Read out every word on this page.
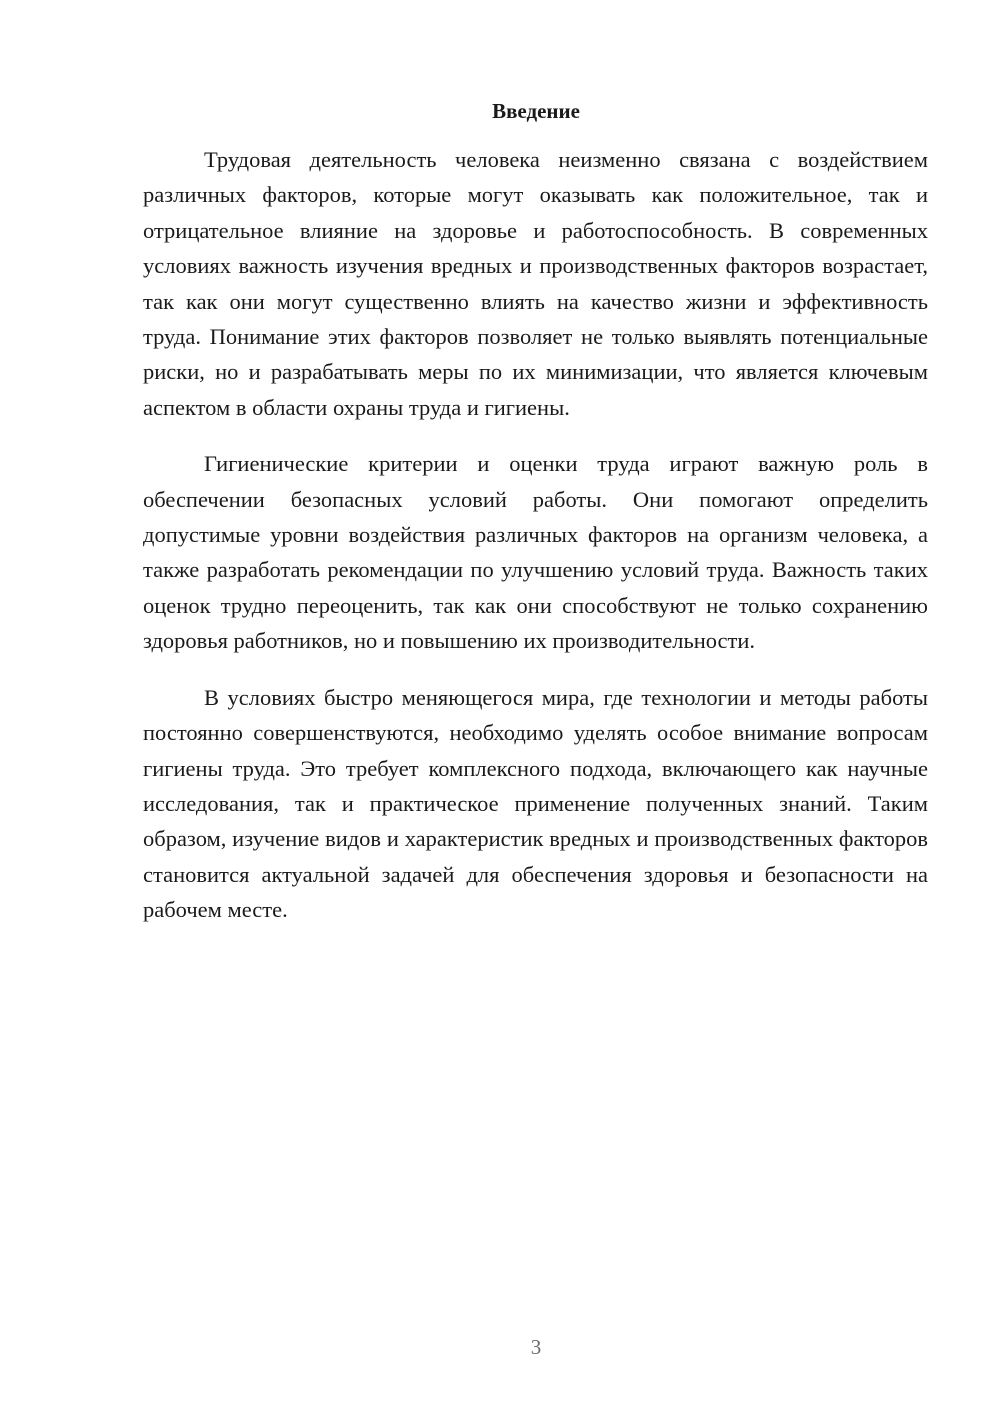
Введение

Трудовая деятельность человека неизменно связана с воздействием различных факторов, которые могут оказывать как положительное, так и отрицательное влияние на здоровье и работоспособность. В современных условиях важность изучения вредных и производственных факторов возрастает, так как они могут существенно влиять на качество жизни и эффективность труда. Понимание этих факторов позволяет не только выявлять потенциальные риски, но и разрабатывать меры по их минимизации, что является ключевым аспектом в области охраны труда и гигиены.

Гигиенические критерии и оценки труда играют важную роль в обеспечении безопасных условий работы. Они помогают определить допустимые уровни воздействия различных факторов на организм человека, а также разработать рекомендации по улучшению условий труда. Важность таких оценок трудно переоценить, так как они способствуют не только сохранению здоровья работников, но и повышению их производительности.

В условиях быстро меняющегося мира, где технологии и методы работы постоянно совершенствуются, необходимо уделять особое внимание вопросам гигиены труда. Это требует комплексного подхода, включающего как научные исследования, так и практическое применение полученных знаний. Таким образом, изучение видов и характеристик вредных и производственных факторов становится актуальной задачей для обеспечения здоровья и безопасности на рабочем месте.

3
